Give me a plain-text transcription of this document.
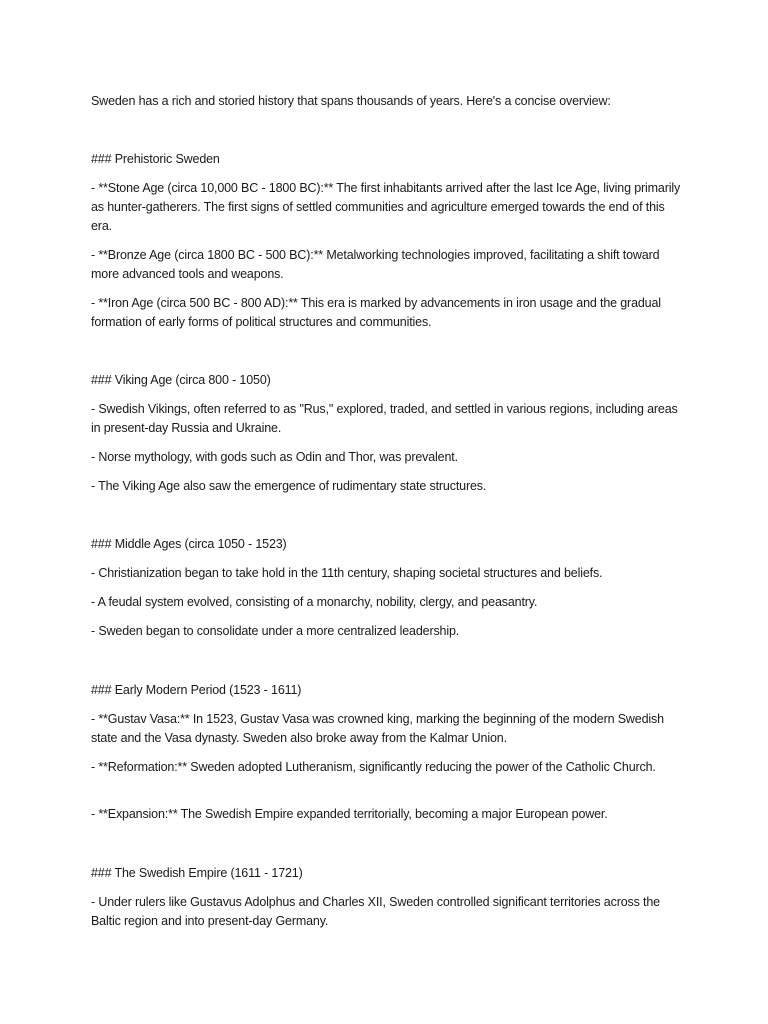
Sweden has a rich and storied history that spans thousands of years. Here's a concise overview:

### Prehistoric Sweden

- **Stone Age (circa 10,000 BC - 1800 BC):** The first inhabitants arrived after the last Ice Age, living primarily as hunter-gatherers. The first signs of settled communities and agriculture emerged towards the end of this era.

- **Bronze Age (circa 1800 BC - 500 BC):** Metalworking technologies improved, facilitating a shift toward more advanced tools and weapons.

- **Iron Age (circa 500 BC - 800 AD):** This era is marked by advancements in iron usage and the gradual formation of early forms of political structures and communities.

### Viking Age (circa 800 - 1050)

- Swedish Vikings, often referred to as "Rus," explored, traded, and settled in various regions, including areas in present-day Russia and Ukraine.

- Norse mythology, with gods such as Odin and Thor, was prevalent.

- The Viking Age also saw the emergence of rudimentary state structures.

### Middle Ages (circa 1050 - 1523)

- Christianization began to take hold in the 11th century, shaping societal structures and beliefs.

- A feudal system evolved, consisting of a monarchy, nobility, clergy, and peasantry.

- Sweden began to consolidate under a more centralized leadership.

### Early Modern Period (1523 - 1611)

- **Gustav Vasa:** In 1523, Gustav Vasa was crowned king, marking the beginning of the modern Swedish state and the Vasa dynasty. Sweden also broke away from the Kalmar Union.

- **Reformation:** Sweden adopted Lutheranism, significantly reducing the power of the Catholic Church.

- **Expansion:** The Swedish Empire expanded territorially, becoming a major European power.

### The Swedish Empire (1611 - 1721)

- Under rulers like Gustavus Adolphus and Charles XII, Sweden controlled significant territories across the Baltic region and into present-day Germany.
